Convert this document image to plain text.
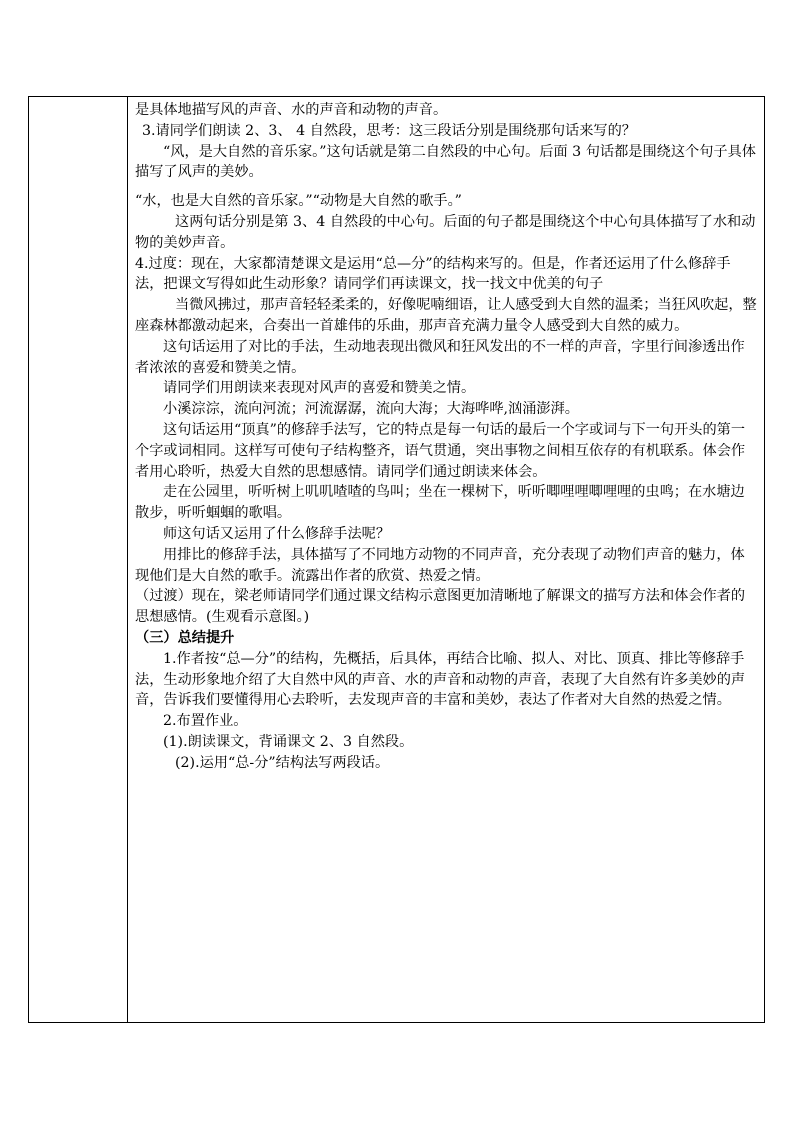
是具体地描写风的声音、水的声音和动物的声音。

3.请同学们朗读 2、3、 4 自然段，思考：这三段话分别是围绕那句话来写的？

“风，是大自然的音乐家。”这句话就是第二自然段的中心句。后面 3 句话都是围绕这个句子具体描写了风声的美妙。

“水，也是大自然的音乐家。”“动物是大自然的歌手。”

这两句话分别是第 3、4 自然段的中心句。后面的句子都是围绕这个中心句具体描写了水和动物的美妙声音。

4.过度：现在，大家都清楚课文是运用“总—分”的结构来写的。但是，作者还运用了什么修辞手法，把课文写得如此生动形象？请同学们再读课文，找一找文中优美的句子

当微风拂过，那声音轻轻柔柔的，好像呢喃细语，让人感受到大自然的温柔；当狂风吹起，整座森林都激动起来，合奏出一首雄伟的乐曲，那声音充满力量令人感受到大自然的威力。

这句话运用了对比的手法，生动地表现出微风和狂风发出的不一样的声音，字里行间渗透出作者浓浓的喜爱和赞美之情。

请同学们用朗读来表现对风声的喜爱和赞美之情。

小溪淙淙，流向河流；河流潺潺，流向大海；大海哗哗,汹涌澎湃。

这句话运用“顶真”的修辞手法写，它的特点是每一句话的最后一个字或词与下一句开头的第一个字或词相同。这样写可使句子结构整齐，语气贯通，突出事物之间相互依存的有机联系。体会作者用心聆听，热爱大自然的思想感情。请同学们通过朗读来体会。

走在公园里，听听树上叽叽喳喳的鸟叫；坐在一棵树下，听听唧哩哩唧哩哩的虫鸣；在水塘边散步，听听蝈蝈的歌唱。

师这句话又运用了什么修辞手法呢？

用排比的修辞手法，具体描写了不同地方动物的不同声音，充分表现了动物们声音的魅力，体现他们是大自然的歌手。流露出作者的欣赏、热爱之情。

（过渡）现在，梁老师请同学们通过课文结构示意图更加清晰地了解课文的描写方法和体会作者的思想感情。(生观看示意图。)

（三）总结提升

1.作者按“总—分”的结构，先概括，后具体，再结合比喻、拟人、对比、顶真、排比等修辞手法，生动形象地介绍了大自然中风的声音、水的声音和动物的声音，表现了大自然有许多美妙的声音，告诉我们要懂得用心去聆听，去发现声音的丰富和美妙，表达了作者对大自然的热爱之情。

2.布置作业。

(1).朗读课文，背诵课文 2、3 自然段。

(2).运用“总-分”结构法写两段话。
